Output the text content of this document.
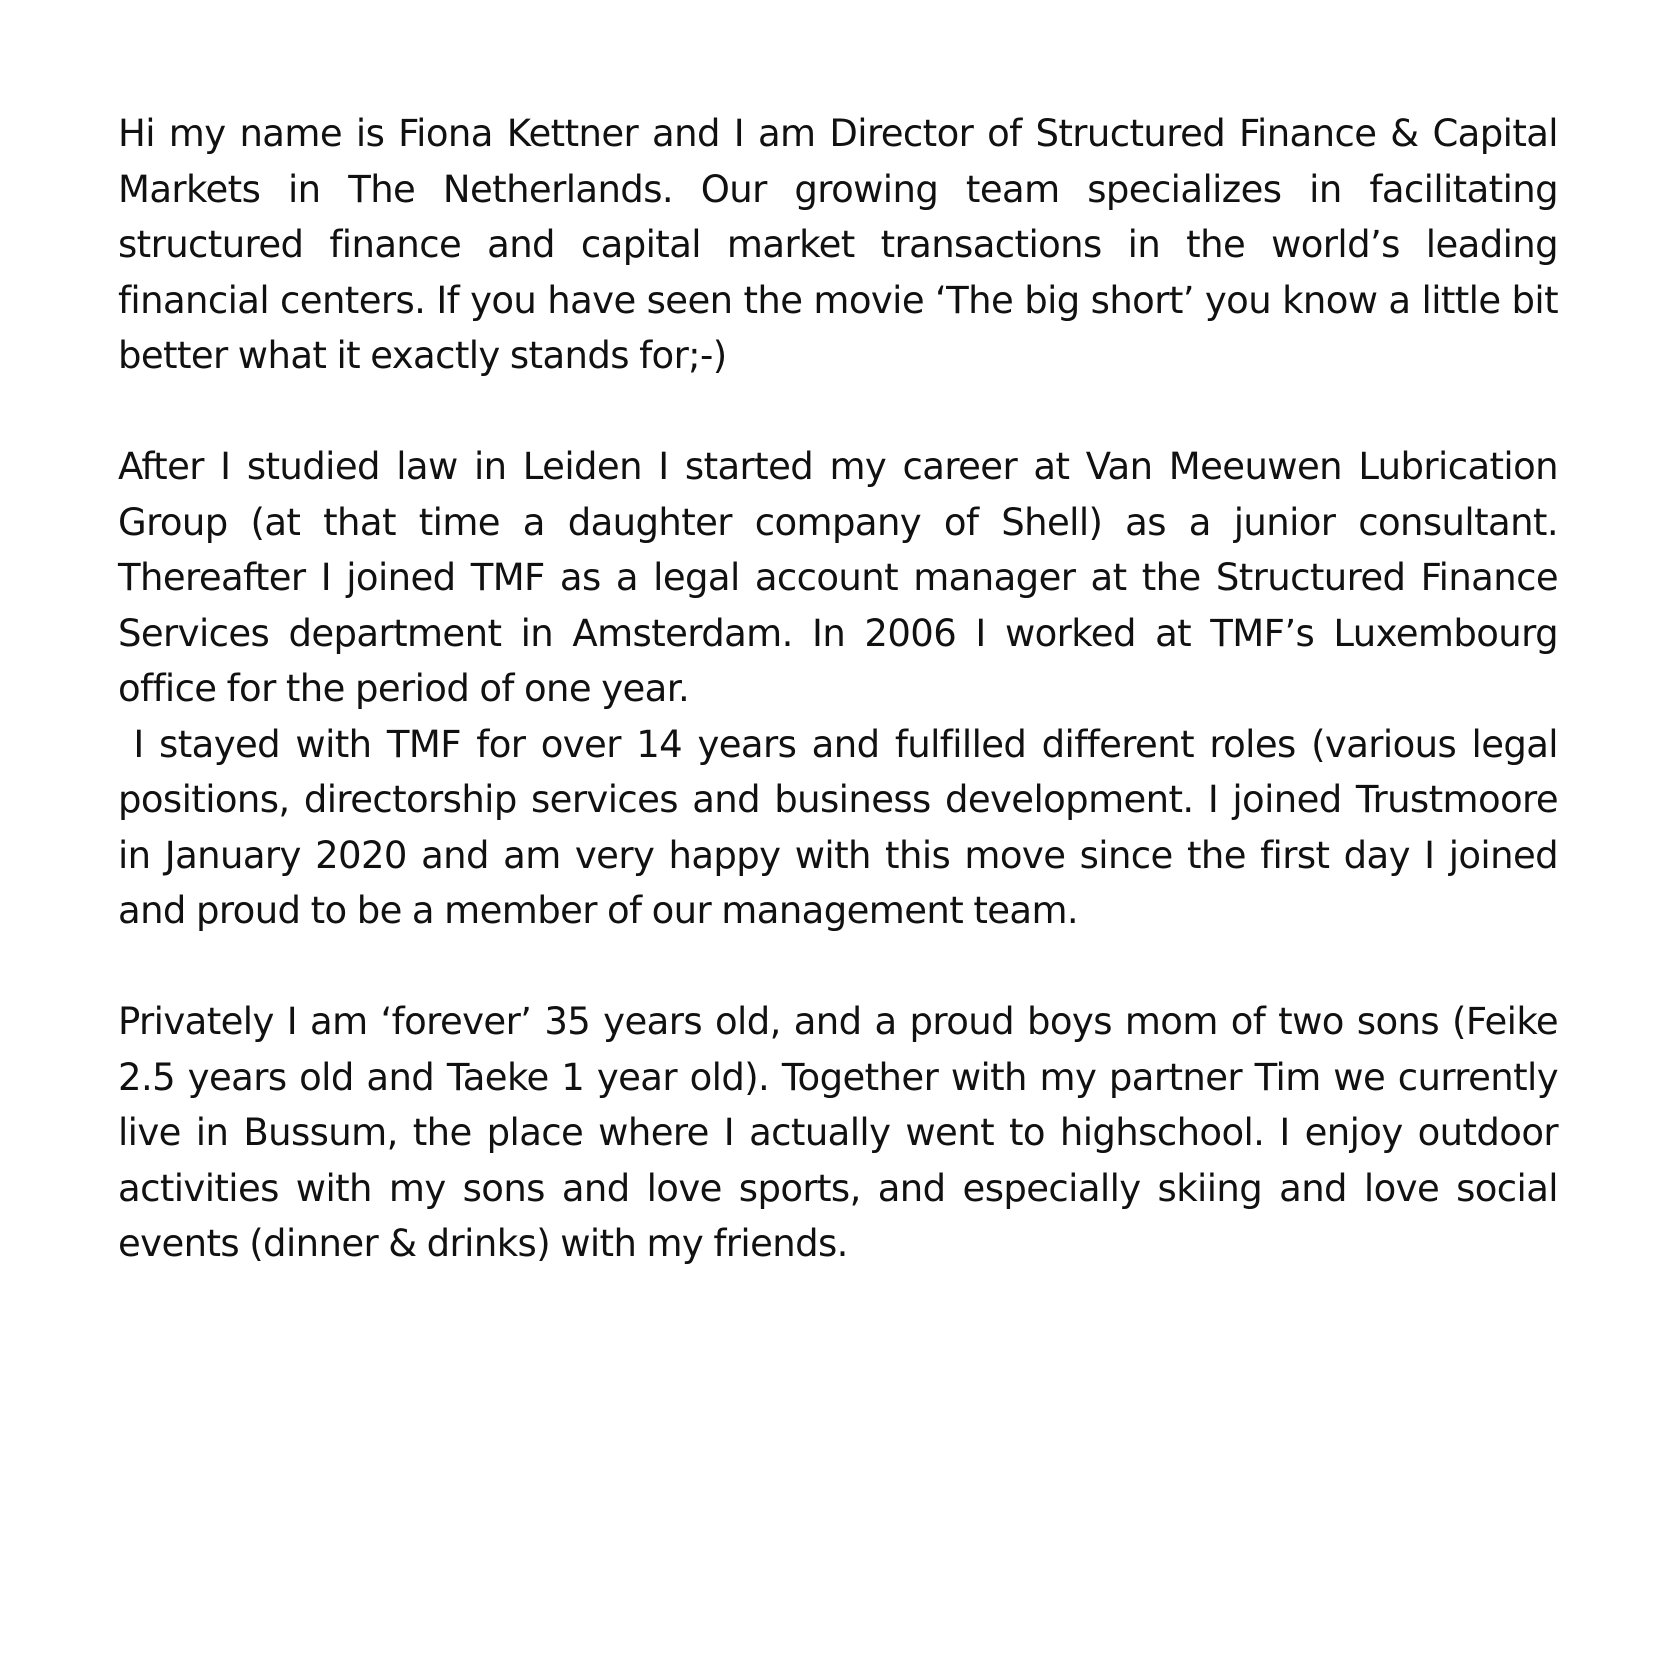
Hi my name is Fiona Kettner and I am Director of Structured Finance & Capital Markets in The Netherlands. Our growing team specializes in facilitating structured finance and capital market transactions in the world’s leading financial centers. If you have seen the movie ‘The big short’ you know a little bit better what it exactly stands for;-)

After I studied law in Leiden I started my career at Van Meeuwen Lubrication Group (at that time a daughter company of Shell) as a junior consultant. Thereafter I joined TMF as a legal account manager at the Structured Finance Services department in Amsterdam. In 2006 I worked at TMF’s Luxembourg office for the period of one year.

I stayed with TMF for over 14 years and fulfilled different roles (various legal positions, directorship services and business development. I joined Trustmoore in January 2020 and am very happy with this move since the first day I joined and proud to be a member of our management team.

Privately I am ‘forever’ 35 years old, and a proud boys mom of two sons (Feike 2.5 years old and Taeke 1 year old). Together with my partner Tim we currently live in Bussum, the place where I actually went to highschool. I enjoy outdoor activities with my sons and love sports, and especially skiing and love social events (dinner & drinks) with my friends.
